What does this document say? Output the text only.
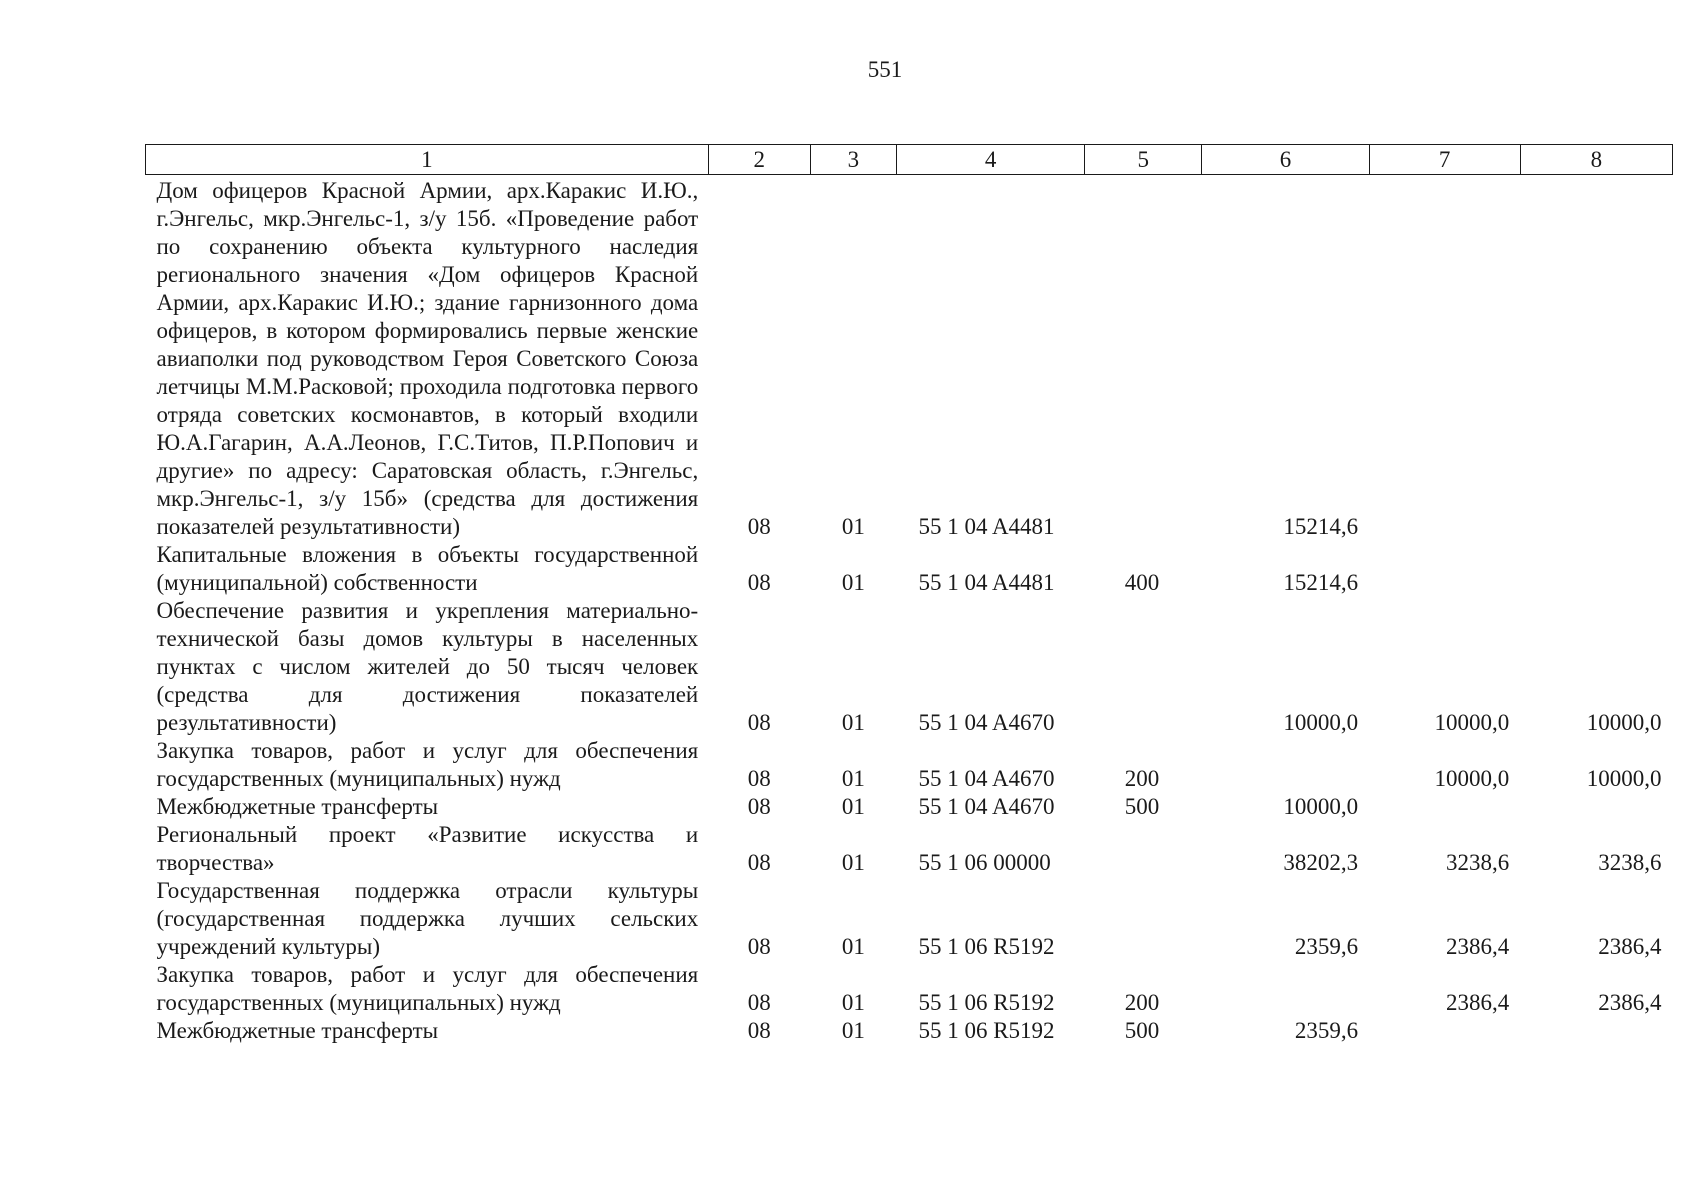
551
1	2	3	4	5	6	7	8
Дом офицеров Красной Армии, арх.Каракис И.Ю., г.Энгельс, мкр.Энгельс-1, з/у 15б. «Проведение работ по сохранению объекта культурного наследия регионального значения «Дом офицеров Красной Армии, арх.Каракис И.Ю.; здание гарнизонного дома офицеров, в котором формировались первые женские авиаполки под руководством Героя Советского Союза летчицы М.М.Расковой; проходила подготовка первого отряда советских космонавтов, в который входили Ю.А.Гагарин, А.А.Леонов, Г.С.Титов, П.Р.Попович и другие» по адресу: Саратовская область, г.Энгельс, мкр.Энгельс-1, з/у 15б» (средства для достижения показателей результативности)	08	01	55 1 04 A4481		15214,6		
Капитальные вложения в объекты государственной (муниципальной) собственности	08	01	55 1 04 A4481	400	15214,6		
Обеспечение развития и укрепления материально-технической базы домов культуры в населенных пунктах с числом жителей до 50 тысяч человек (средства для достижения показателей результативности)	08	01	55 1 04 A4670		10000,0	10000,0	10000,0
Закупка товаров, работ и услуг для обеспечения государственных (муниципальных) нужд	08	01	55 1 04 A4670	200		10000,0	10000,0
Межбюджетные трансферты	08	01	55 1 04 A4670	500	10000,0		
Региональный проект «Развитие искусства и творчества»	08	01	55 1 06 00000		38202,3	3238,6	3238,6
Государственная поддержка отрасли культуры (государственная поддержка лучших сельских учреждений культуры)	08	01	55 1 06 R5192		2359,6	2386,4	2386,4
Закупка товаров, работ и услуг для обеспечения государственных (муниципальных) нужд	08	01	55 1 06 R5192	200		2386,4	2386,4
Межбюджетные трансферты	08	01	55 1 06 R5192	500	2359,6		
